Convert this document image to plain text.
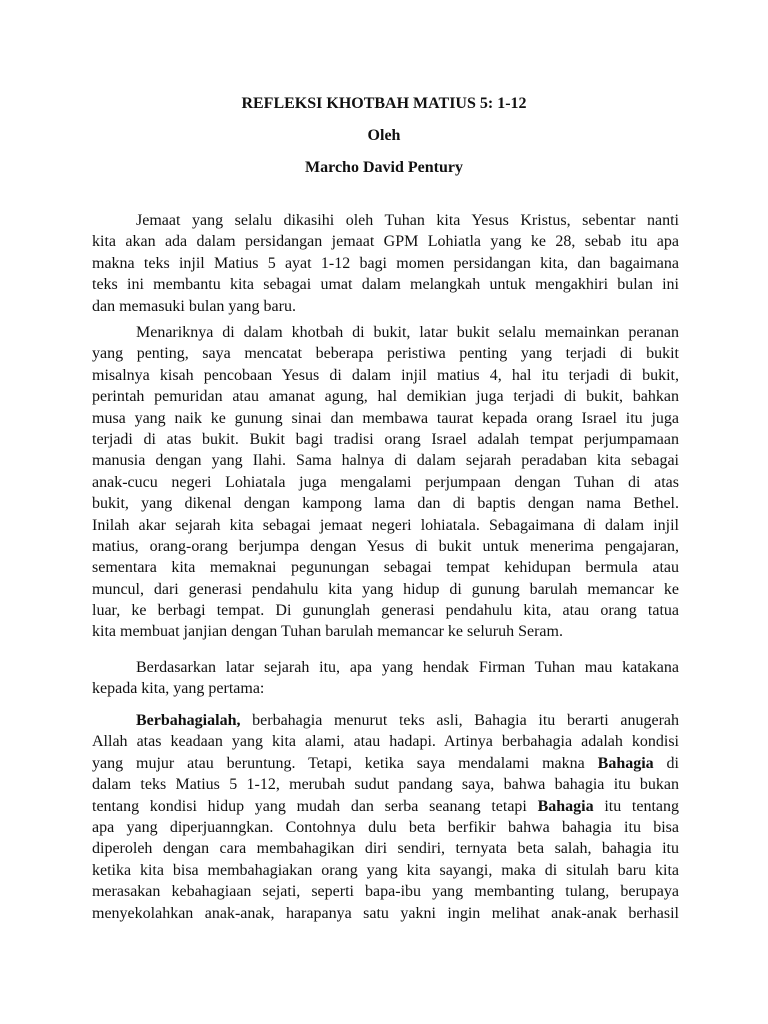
REFLEKSI KHOTBAH MATIUS 5: 1-12
Oleh
Marcho David Pentury
Jemaat yang selalu dikasihi oleh Tuhan kita Yesus Kristus, sebentar nanti
kita akan ada dalam persidangan jemaat GPM Lohiatla yang ke 28, sebab itu apa
makna teks injil Matius 5 ayat 1-12 bagi momen persidangan kita, dan bagaimana
teks ini membantu kita sebagai umat dalam melangkah untuk mengakhiri bulan ini
dan memasuki bulan yang baru.
Menariknya di dalam khotbah di bukit, latar bukit selalu memainkan peranan
yang penting, saya mencatat beberapa peristiwa penting yang terjadi di bukit
misalnya kisah pencobaan Yesus di dalam injil matius 4, hal itu terjadi di bukit,
perintah pemuridan atau amanat agung, hal demikian juga terjadi di bukit, bahkan
musa yang naik ke gunung sinai dan membawa taurat kepada orang Israel itu juga
terjadi di atas bukit. Bukit bagi tradisi orang Israel adalah tempat perjumpamaan
manusia dengan yang Ilahi. Sama halnya di dalam sejarah peradaban kita sebagai
anak-cucu negeri Lohiatala juga mengalami perjumpaan dengan Tuhan di atas
bukit, yang dikenal dengan kampong lama dan di baptis dengan nama Bethel.
Inilah akar sejarah kita sebagai jemaat negeri lohiatala. Sebagaimana di dalam injil
matius, orang-orang berjumpa dengan Yesus di bukit untuk menerima pengajaran,
sementara kita memaknai pegunungan sebagai tempat kehidupan bermula atau
muncul, dari generasi pendahulu kita yang hidup di gunung barulah memancar ke
luar, ke berbagi tempat. Di gununglah generasi pendahulu kita, atau orang tatua
kita membuat janjian dengan Tuhan barulah memancar ke seluruh Seram.
Berdasarkan latar sejarah itu, apa yang hendak Firman Tuhan mau katakana
kepada kita, yang pertama:
Berbahagialah, berbahagia menurut teks asli, Bahagia itu berarti anugerah
Allah atas keadaan yang kita alami, atau hadapi. Artinya berbahagia adalah kondisi
yang mujur atau beruntung. Tetapi, ketika saya mendalami makna Bahagia di
dalam teks Matius 5 1-12, merubah sudut pandang saya, bahwa bahagia itu bukan
tentang kondisi hidup yang mudah dan serba seanang tetapi Bahagia itu tentang
apa yang diperjuanngkan. Contohnya dulu beta berfikir bahwa bahagia itu bisa
diperoleh dengan cara membahagikan diri sendiri, ternyata beta salah, bahagia itu
ketika kita bisa membahagiakan orang yang kita sayangi, maka di situlah baru kita
merasakan kebahagiaan sejati, seperti bapa-ibu yang membanting tulang, berupaya
menyekolahkan anak-anak, harapanya satu yakni ingin melihat anak-anak berhasil
